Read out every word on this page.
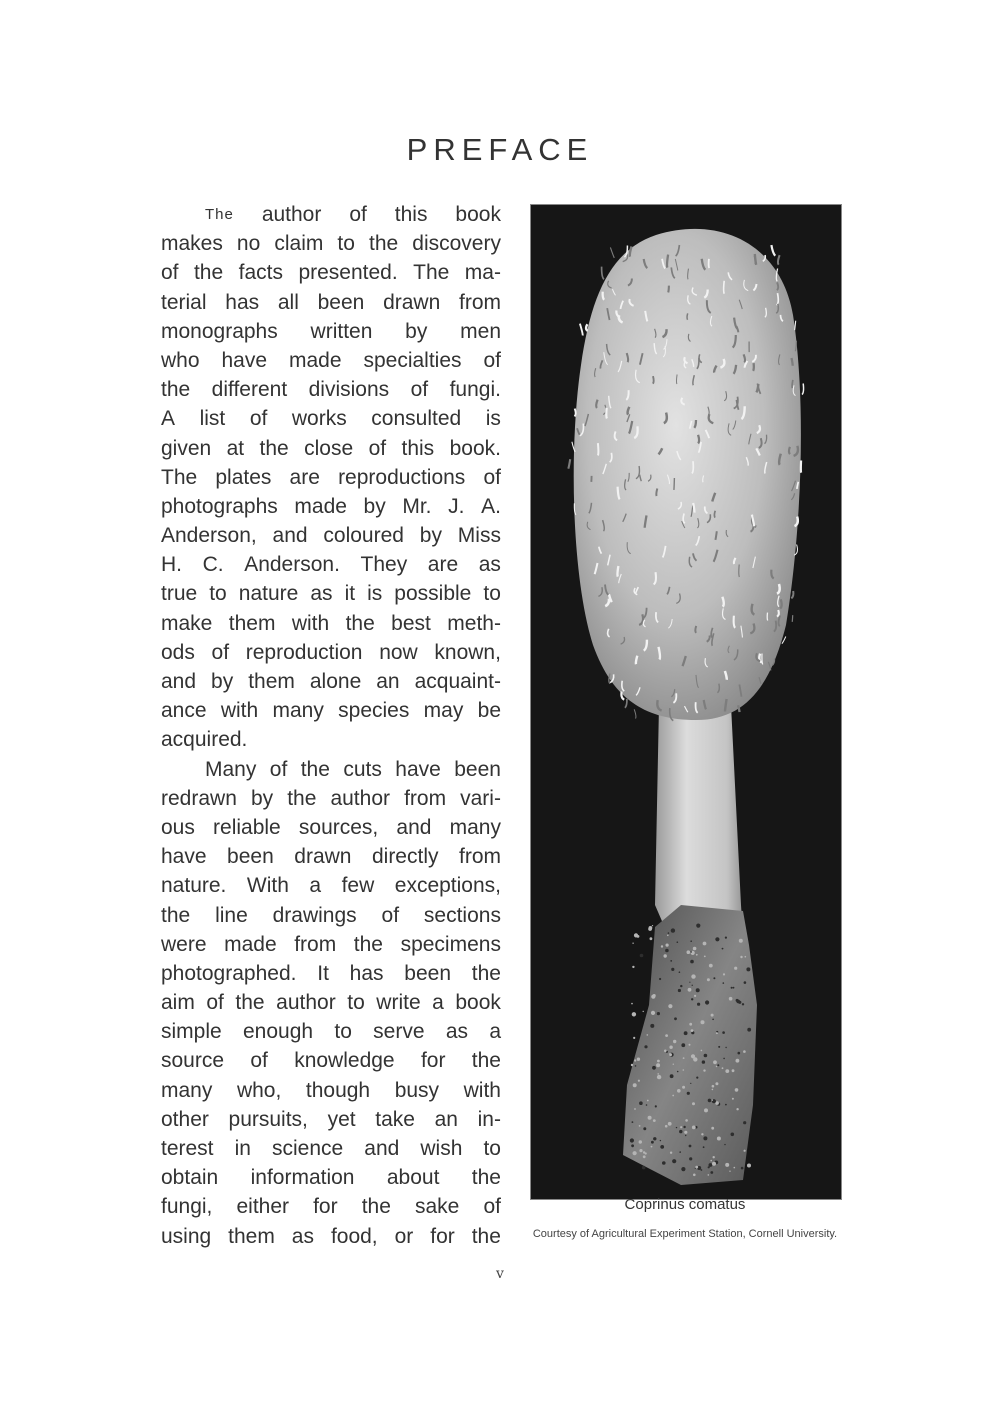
PREFACE
The author of this book
makes no claim to the discovery
of the facts presented. The ma-
terial has all been drawn from
monographs written by men
who have made specialties of
the different divisions of fungi.
A list of works consulted is
given at the close of this book.
The plates are reproductions of
photographs made by Mr. J. A.
Anderson, and coloured by Miss
H. C. Anderson. They are as
true to nature as it is possible to
make them with the best meth-
ods of reproduction now known,
and by them alone an acquaint-
ance with many species may be
acquired.
Many of the cuts have been
redrawn by the author from vari-
ous reliable sources, and many
have been drawn directly from
nature. With a few exceptions,
the line drawings of sections
were made from the specimens
photographed. It has been the
aim of the author to write a book
simple enough to serve as a
source of knowledge for the
many who, though busy with
other pursuits, yet take an in-
terest in science and wish to
obtain information about the
fungi, either for the sake of
using them as food, or for the
Coprinus comatus
Courtesy of Agricultural Experiment Station, Cornell University.
v
